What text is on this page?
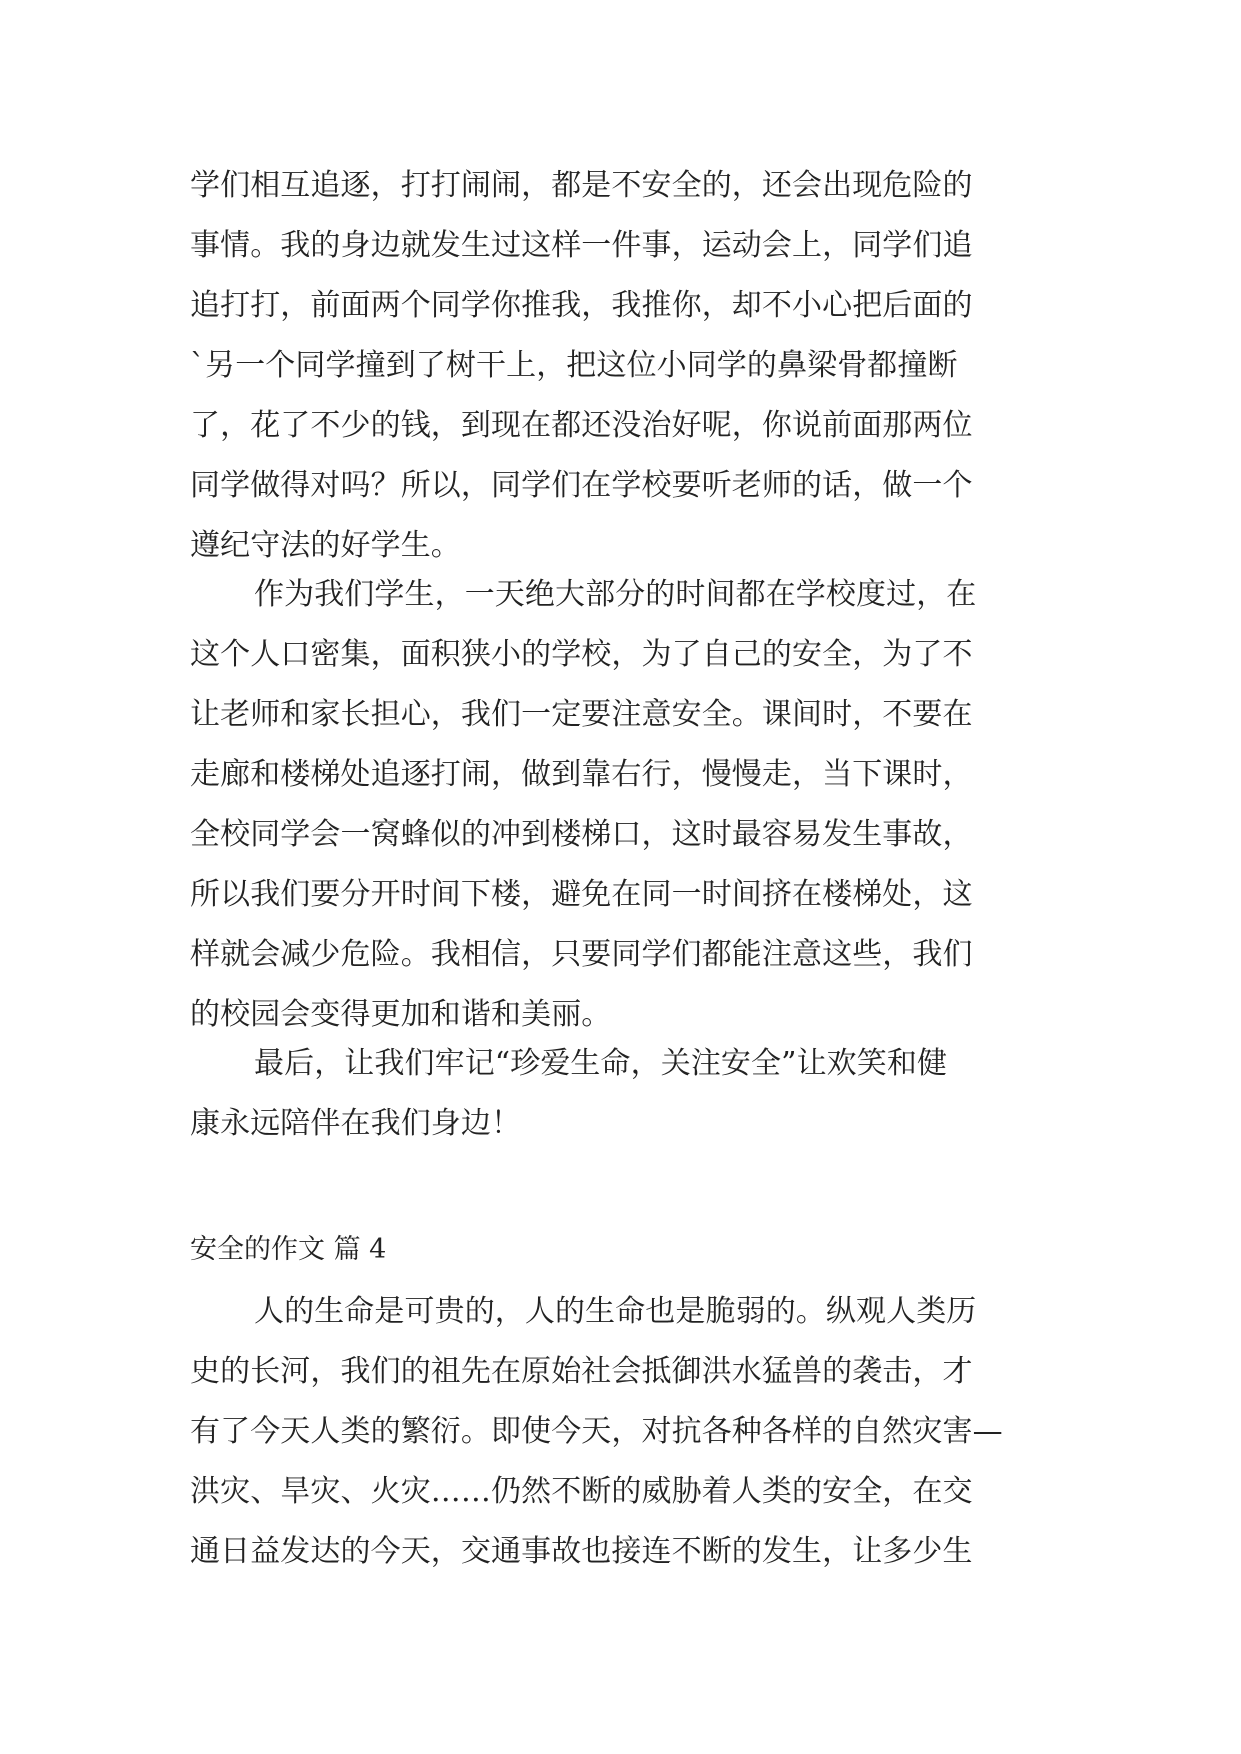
学们相互追逐，打打闹闹，都是不安全的，还会出现危险的
事情。我的身边就发生过这样一件事，运动会上，同学们追
追打打，前面两个同学你推我，我推你，却不小心把后面的
`另一个同学撞到了树干上，把这位小同学的鼻梁骨都撞断
了，花了不少的钱，到现在都还没治好呢，你说前面那两位
同学做得对吗？所以，同学们在学校要听老师的话，做一个
遵纪守法的好学生。
作为我们学生，一天绝大部分的时间都在学校度过，在
这个人口密集，面积狭小的学校，为了自己的安全，为了不
让老师和家长担心，我们一定要注意安全。课间时，不要在
走廊和楼梯处追逐打闹，做到靠右行，慢慢走，当下课时，
全校同学会一窝蜂似的冲到楼梯口，这时最容易发生事故，
所以我们要分开时间下楼，避免在同一时间挤在楼梯处，这
样就会减少危险。我相信，只要同学们都能注意这些，我们
的校园会变得更加和谐和美丽。
最后，让我们牢记“珍爱生命，关注安全”让欢笑和健
康永远陪伴在我们身边！
安全的作文 篇 4
人的生命是可贵的，人的生命也是脆弱的。纵观人类历
史的长河，我们的祖先在原始社会抵御洪水猛兽的袭击，才
有了今天人类的繁衍。即使今天，对抗各种各样的自然灾害—
洪灾、旱灾、火灾……仍然不断的威胁着人类的安全，在交
通日益发达的今天，交通事故也接连不断的发生，让多少生
